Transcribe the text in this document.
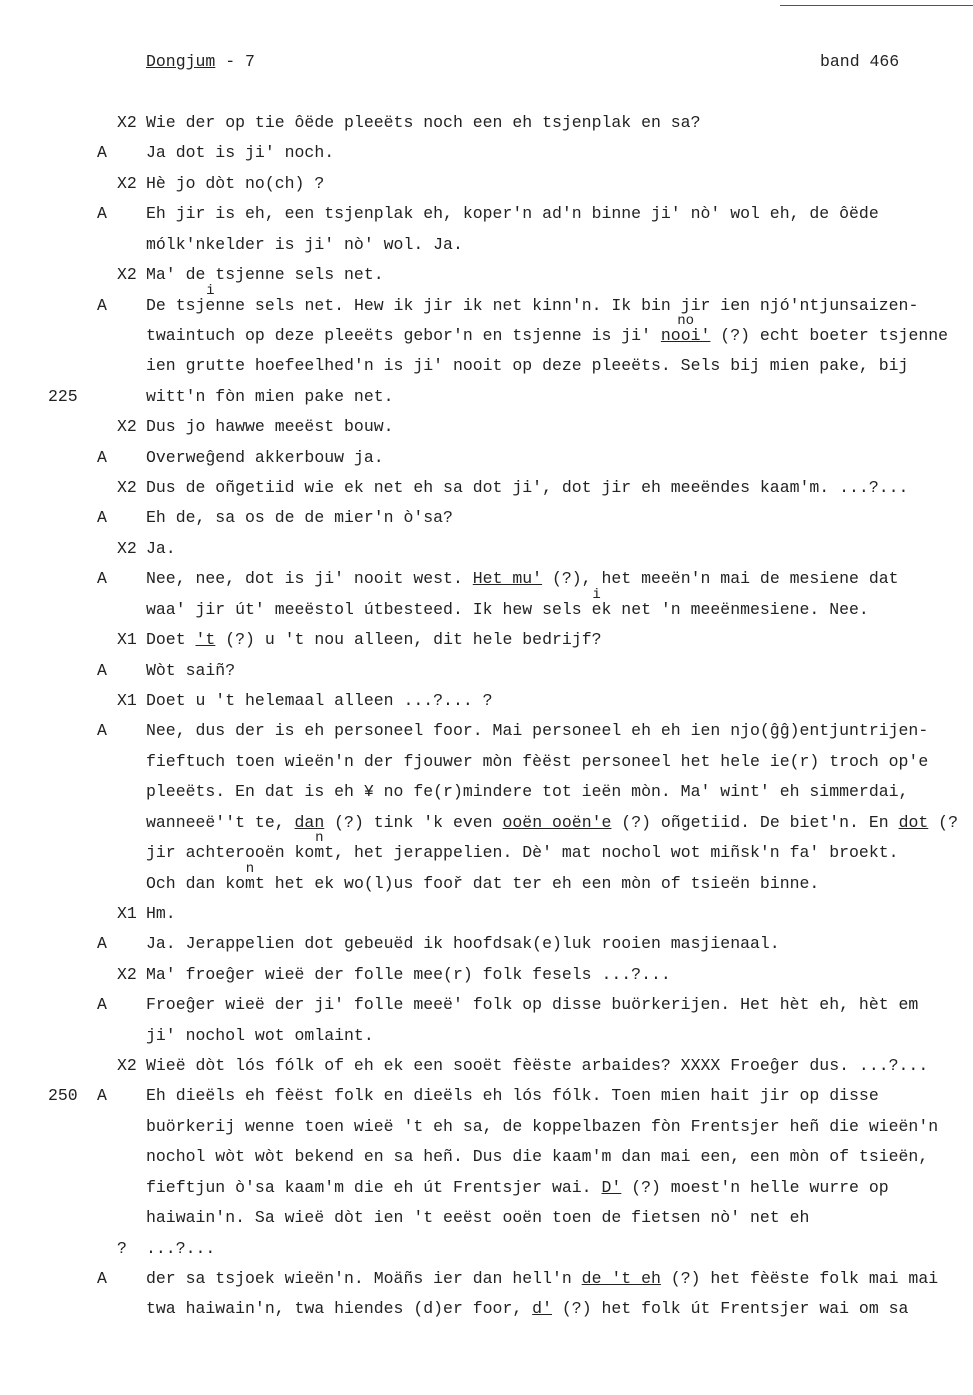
Dongjum - 7	band 466
X2 Wie der op tie ôëde pleeëts noch een eh tsjenplak en sa?
A Ja dot is ji' noch.
X2 Hè jo dòt no(ch) ?
A Eh jir is eh, een tsjenplak eh, koper'n ad'n binne ji' nò' wol eh, de ôëde
mólk'nkelder is ji' nò' wol. Ja.
X2 Ma' de tsjenne sels net.
A De tsje
i
nne sels net. Hew ik jir ik net kinn'n. Ik bin jir ien njó'ntjunsaizen-
twaintuch op deze pleeëts gebor'n en tsjenne is ji' nooi'
no
(?) echt boeter tsjenne
ien grutte hoefeelhed'n is ji' nooit op deze pleeëts. Sels bij mien pake, bij
225	witt'n fòn mien pake net.
X2 Dus jo hawwe meeëst bouw.
A Overweĝend akkerbouw ja.
X2 Dus de oñgetiid wie ek net eh sa dot ji', dot jir eh meeëndes kaam'm. ...?...
A Eh de, sa os de de mier'n ò'sa?
X2 Ja.
A Nee, nee, dot is ji' nooit west. Het mu' (?), het meeën'n mai de mesiene dat
waa' jir út' meeëstol útbesteed. Ik hew sels e
i
k net 'n meeënmesiene. Nee.
X1 Doet 't (?) u 't nou alleen, dit hele bedrijf?
A Wòt saiñ?
X1 Doet u 't helemaal alleen ...?... ?
A Nee, dus der is eh personeel foor. Mai personeel eh eh ien njo(ĝĝ)entjuntrijen-
fieftuch toen wieën'n der fjouwer mòn fèëst personeel het hele ie(r) troch op'e
pleeëts. En dat is eh ¥ no fe(r)mindere tot ieën mòn. Ma' wint' eh simmerdai,
wanneeë''t te, dan (?) tink 'k even ooën ooën'e (?) oñgetiid. De biet'n. En dot (?
jir achterooën kom
n
t, het jerappelien. Dè' mat nochol wot miñsk'n fa' broekt.
Och dan kom
n
t het ek wo(l)us fooř dat ter eh een mòn of tsieën binne.
X1 Hm.
A Ja. Jerappelien dot gebeuëd ik hoofdsak(e)luk rooien masjienaal.
X2 Ma' froeĝer wieë der folle mee(r) folk fesels ...?...
A Froeĝer wieë der ji' folle meeë' folk op disse buörkerijen. Het hèt eh, hèt em
ji' nochol wot omlaint.
X2 Wieë dòt lós fólk of eh ek een sooët fèëste arbaides? XXXX Froeĝer dus. ...?...
250 A Eh dieëls eh fèëst folk en dieëls eh lós fólk. Toen mien hait jir op disse
buörkerij wenne toen wieë 't eh sa, de koppelbazen fòn Frentsjer heñ die wieën'n
nochol wòt wòt bekend en sa heñ. Dus die kaam'm dan mai een, een mòn of tsieën,
fieftjun ò'sa kaam'm die eh út Frentsjer wai. D' (?) moest'n helle wurre op
haiwain'n. Sa wieë dòt ien 't eeëst ooën toen de fietsen nò' net eh
? ...?...
A der sa tsjoek wieën'n. Moäñs ier dan hell'n de 't eh (?) het fèëste folk mai mai
twa haiwain'n, twa hiendes (d)er foor, d' (?) het folk út Frentsjer wai om sa
